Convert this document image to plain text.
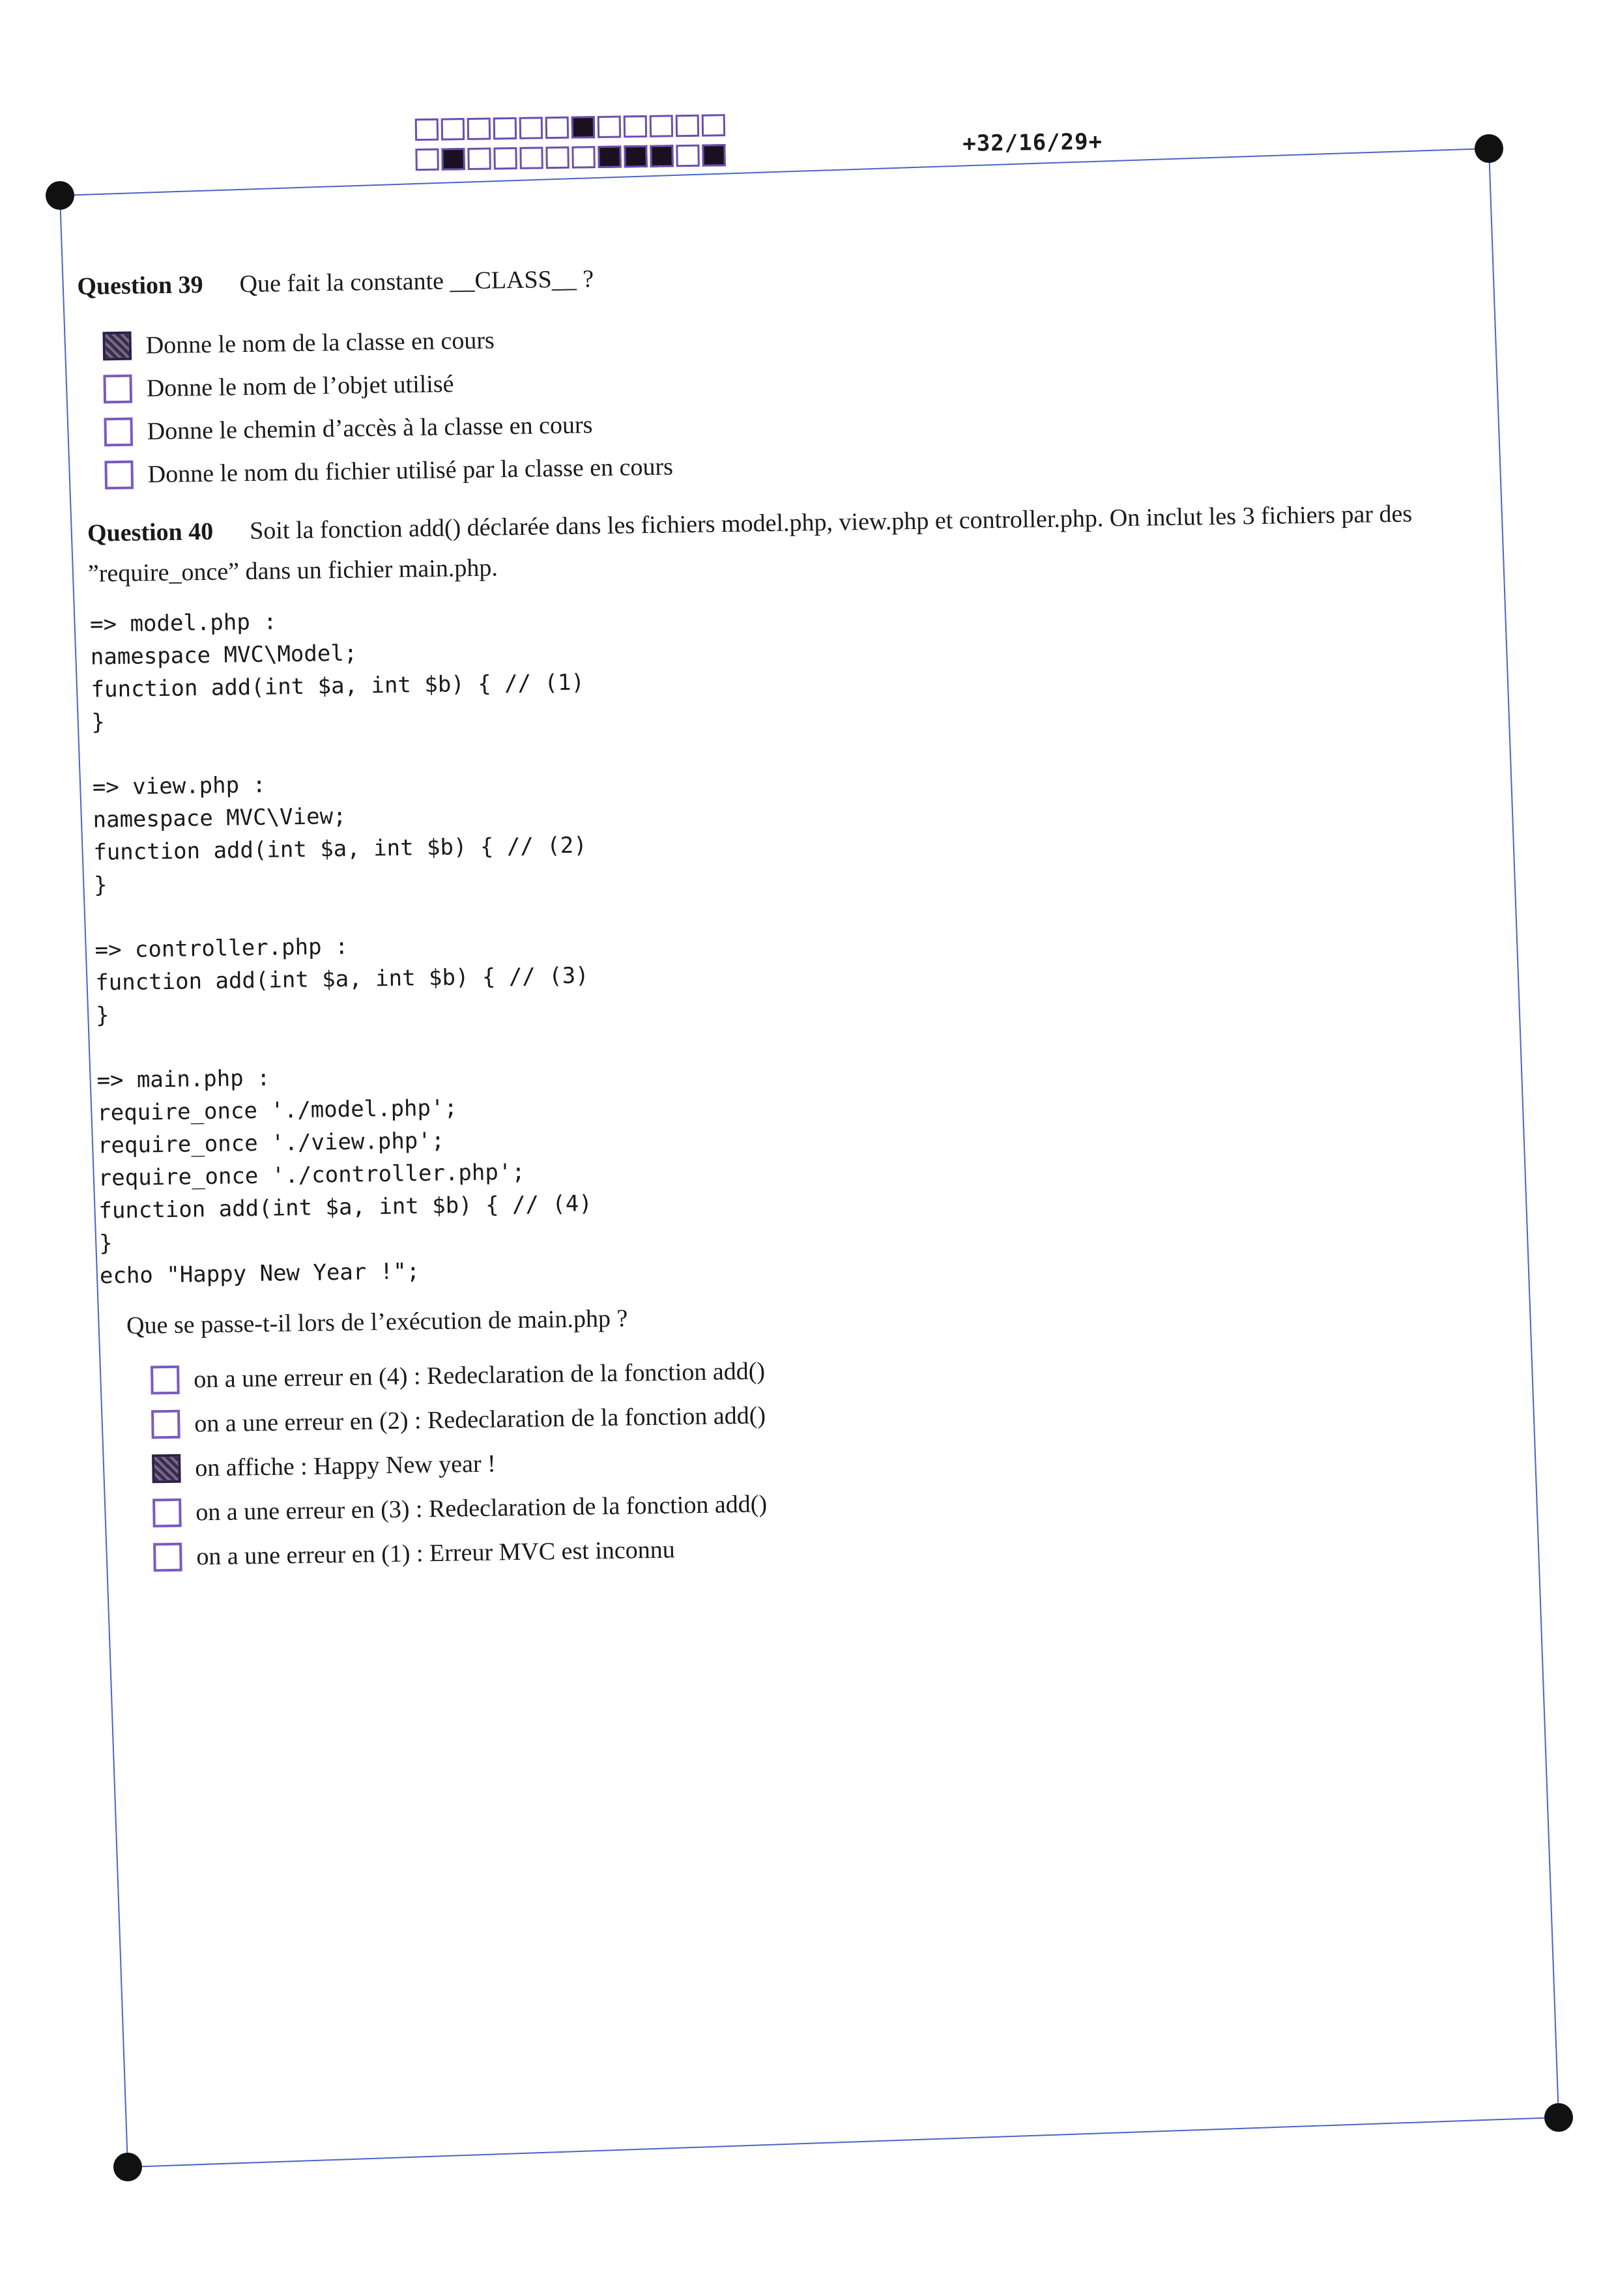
+32/16/29+
Question 39 Que fait la constante __CLASS__ ?
Donne le nom de la classe en cours
Donne le nom de l’objet utilisé
Donne le chemin d’accès à la classe en cours
Donne le nom du fichier utilisé par la classe en cours
Question 40 Soit la fonction add() déclarée dans les fichiers model.php, view.php et controller.php. On inclut les 3 fichiers par des ”require_once” dans un fichier main.php.
=> model.php :
namespace MVC\Model;
function add(int $a, int $b) { // (1)
}
=> view.php :
namespace MVC\View;
function add(int $a, int $b) { // (2)
}
=> controller.php :
function add(int $a, int $b) { // (3)
}
=> main.php :
require_once './model.php';
require_once './view.php';
require_once './controller.php';
function add(int $a, int $b) { // (4)
}
echo "Happy New Year !";
Que se passe-t-il lors de l’exécution de main.php ?
on a une erreur en (4) : Redeclaration de la fonction add()
on a une erreur en (2) : Redeclaration de la fonction add()
on affiche : Happy New year !
on a une erreur en (3) : Redeclaration de la fonction add()
on a une erreur en (1) : Erreur MVC est inconnu
